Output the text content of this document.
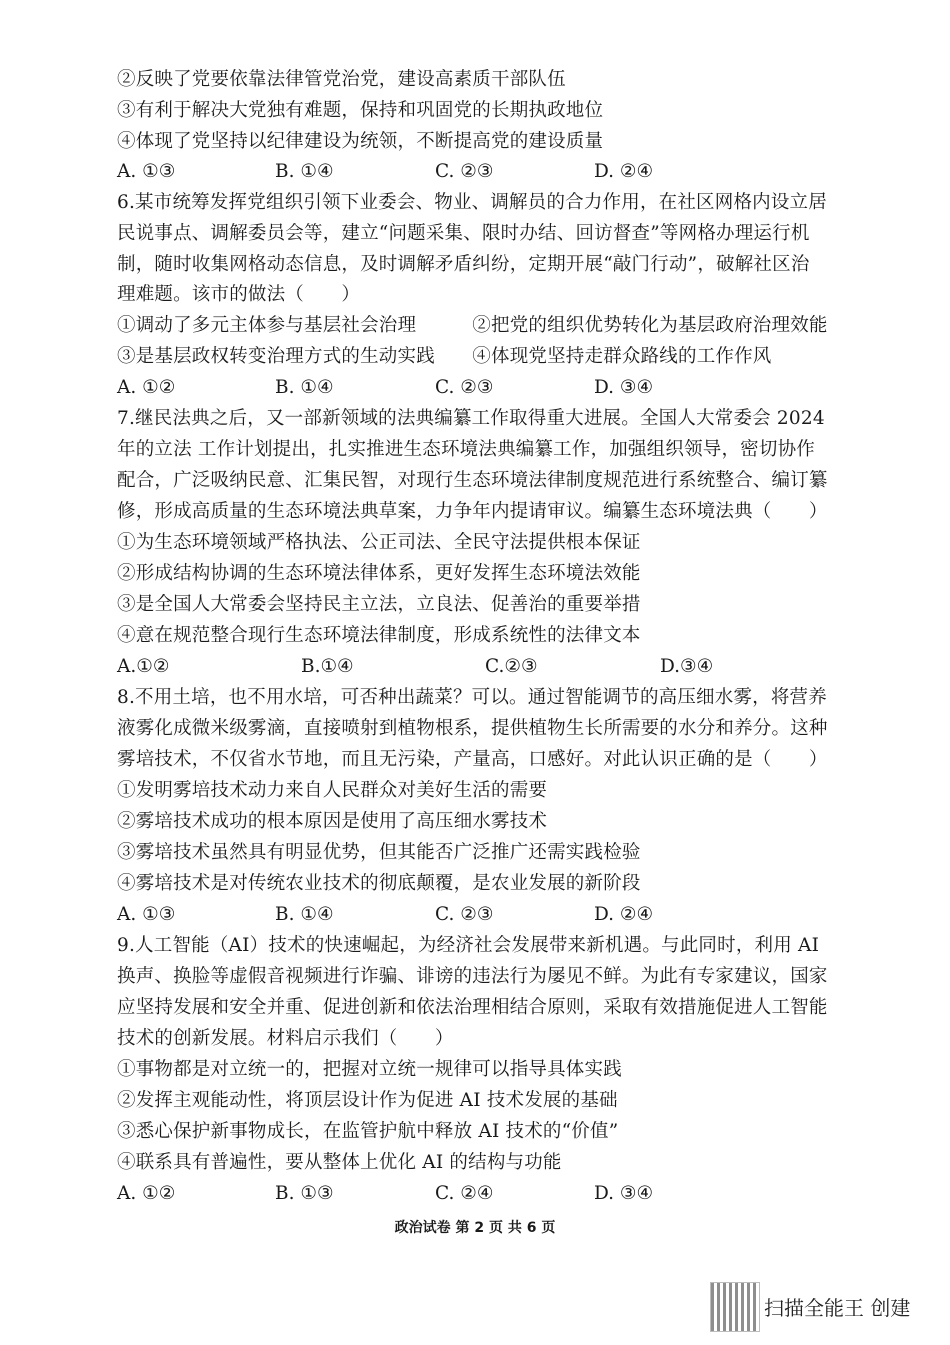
②反映了党要依靠法律管党治党，建设高素质干部队伍
③有利于解决大党独有难题，保持和巩固党的长期执政地位
④体现了党坚持以纪律建设为统领，不断提高党的建设质量
A. ①③	B. ①④	C. ②③	D. ②④
6.某市统筹发挥党组织引领下业委会、物业、调解员的合力作用，在社区网格内设立居
民说事点、调解委员会等，建立“问题采集、限时办结、回访督查”等网格办理运行机
制，随时收集网格动态信息，及时调解矛盾纠纷，定期开展“敲门行动”，破解社区治
理难题。该市的做法（　　）
①调动了多元主体参与基层社会治理　　　②把党的组织优势转化为基层政府治理效能
③是基层政权转变治理方式的生动实践　　④体现党坚持走群众路线的工作作风
A. ①②	B. ①④	C. ②③	D. ③④
7.继民法典之后，又一部新领域的法典编纂工作取得重大进展。全国人大常委会 2024
年的立法 工作计划提出，扎实推进生态环境法典编纂工作，加强组织领导，密切协作
配合，广泛吸纳民意、汇集民智，对现行生态环境法律制度规范进行系统整合、编订纂
修，形成高质量的生态环境法典草案，力争年内提请审议。编纂生态环境法典（　　）
①为生态环境领域严格执法、公正司法、全民守法提供根本保证
②形成结构协调的生态环境法律体系，更好发挥生态环境法效能
③是全国人大常委会坚持民主立法，立良法、促善治的重要举措
④意在规范整合现行生态环境法律制度，形成系统性的法律文本
A.①②	B.①④	C.②③	D.③④
8.不用土培，也不用水培，可否种出蔬菜？可以。通过智能调节的高压细水雾，将营养
液雾化成微米级雾滴，直接喷射到植物根系，提供植物生长所需要的水分和养分。这种
雾培技术，不仅省水节地，而且无污染，产量高，口感好。对此认识正确的是（　　）
①发明雾培技术动力来自人民群众对美好生活的需要
②雾培技术成功的根本原因是使用了高压细水雾技术
③雾培技术虽然具有明显优势，但其能否广泛推广还需实践检验
④雾培技术是对传统农业技术的彻底颠覆，是农业发展的新阶段
A. ①③	B. ①④	C. ②③	D. ②④
9.人工智能（AI）技术的快速崛起，为经济社会发展带来新机遇。与此同时，利用 AI
换声、换脸等虚假音视频进行诈骗、诽谤的违法行为屡见不鲜。为此有专家建议，国家
应坚持发展和安全并重、促进创新和依法治理相结合原则，采取有效措施促进人工智能
技术的创新发展。材料启示我们（　　）
①事物都是对立统一的，把握对立统一规律可以指导具体实践
②发挥主观能动性，将顶层设计作为促进 AI 技术发展的基础
③悉心保护新事物成长，在监管护航中释放 AI 技术的“价值”
④联系具有普遍性，要从整体上优化 AI 的结构与功能
A. ①②	B. ①③	C. ②④	D. ③④
政治试卷 第 2 页 共 6 页
扫描全能王 创建
